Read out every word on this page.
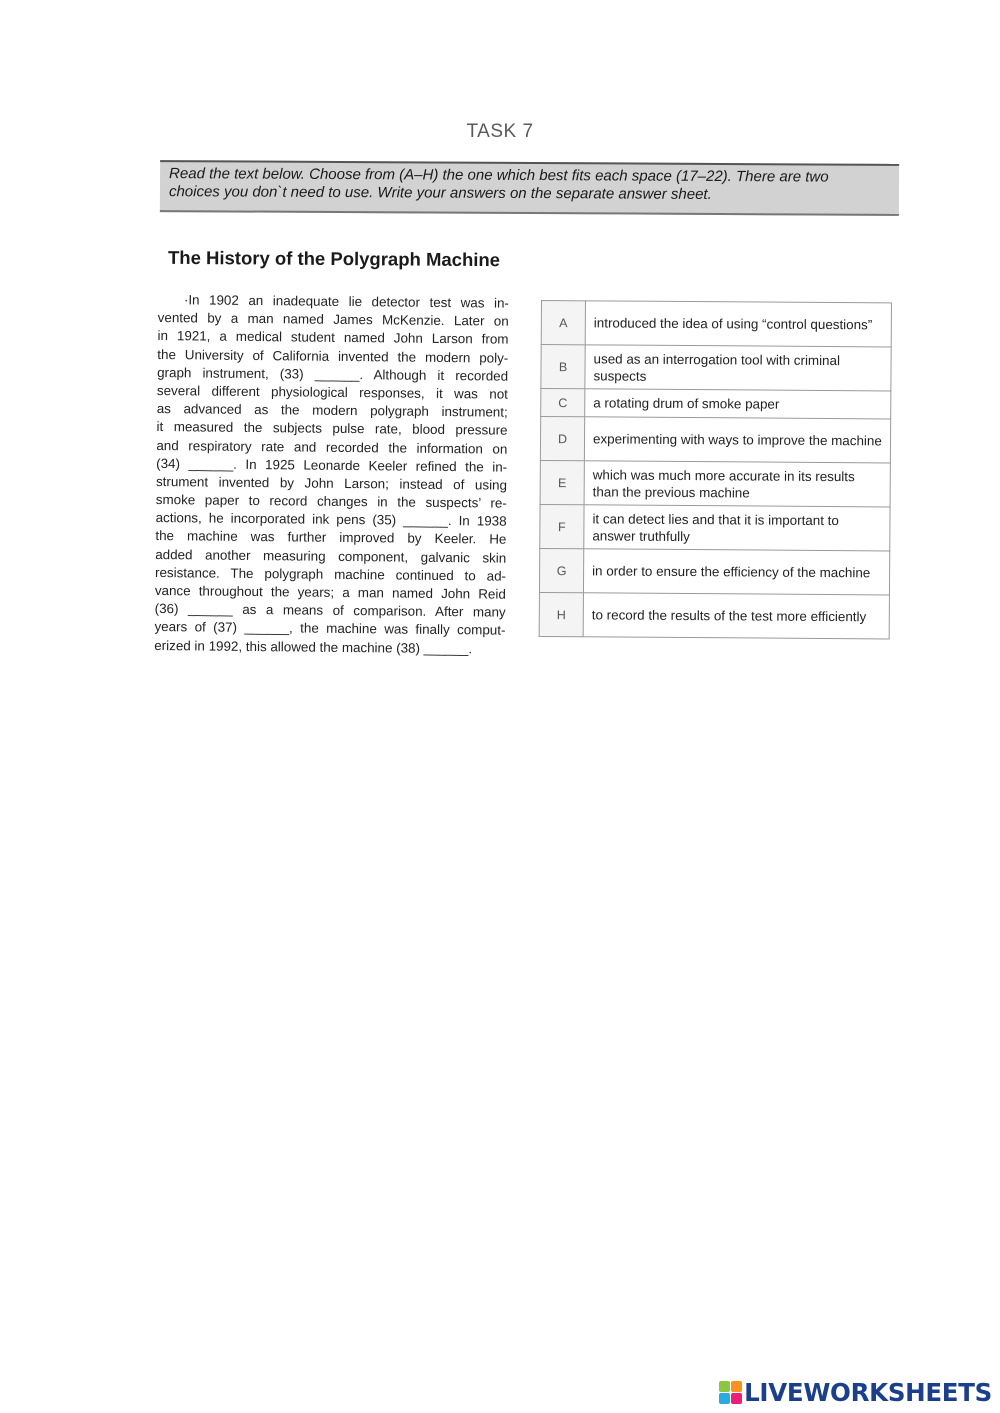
TASK 7
Read the text below. Choose from (A–H) the one which best fits each space (17–22). There are two
choices you don`t need to use. Write your answers on the separate answer sheet.
The History of the Polygraph Machine
·In 1902 an inadequate lie detector test was in-
vented by a man named James McKenzie. Later on
in 1921, a medical student named John Larson from
the University of California invented the modern poly-
graph instrument, (33) ______. Although it recorded
several different physiological responses, it was not
as advanced as the modern polygraph instrument;
it measured the subjects pulse rate, blood pressure
and respiratory rate and recorded the information on
(34) ______. In 1925 Leonarde Keeler refined the in-
strument invented by John Larson; instead of using
smoke paper to record changes in the suspects’ re-
actions, he incorporated ink pens (35) ______. In 1938
the machine was further improved by Keeler. He
added another measuring component, galvanic skin
resistance. The polygraph machine continued to ad-
vance throughout the years; a man named John Reid
(36) ______ as a means of comparison. After many
years of (37) ______, the machine was finally comput-
erized in 1992, this allowed the machine (38) ______.
A	introduced the idea of using “control questions”
B	used as an interrogation tool with criminal suspects
C	a rotating drum of smoke paper
D	experimenting with ways to improve the machine
E	which was much more accurate in its results than the previous machine
F	it can detect lies and that it is important to answer truthfully
G	in order to ensure the efficiency of the machine
H	to record the results of the test more efficiently
LIVEWORKSHEETS
